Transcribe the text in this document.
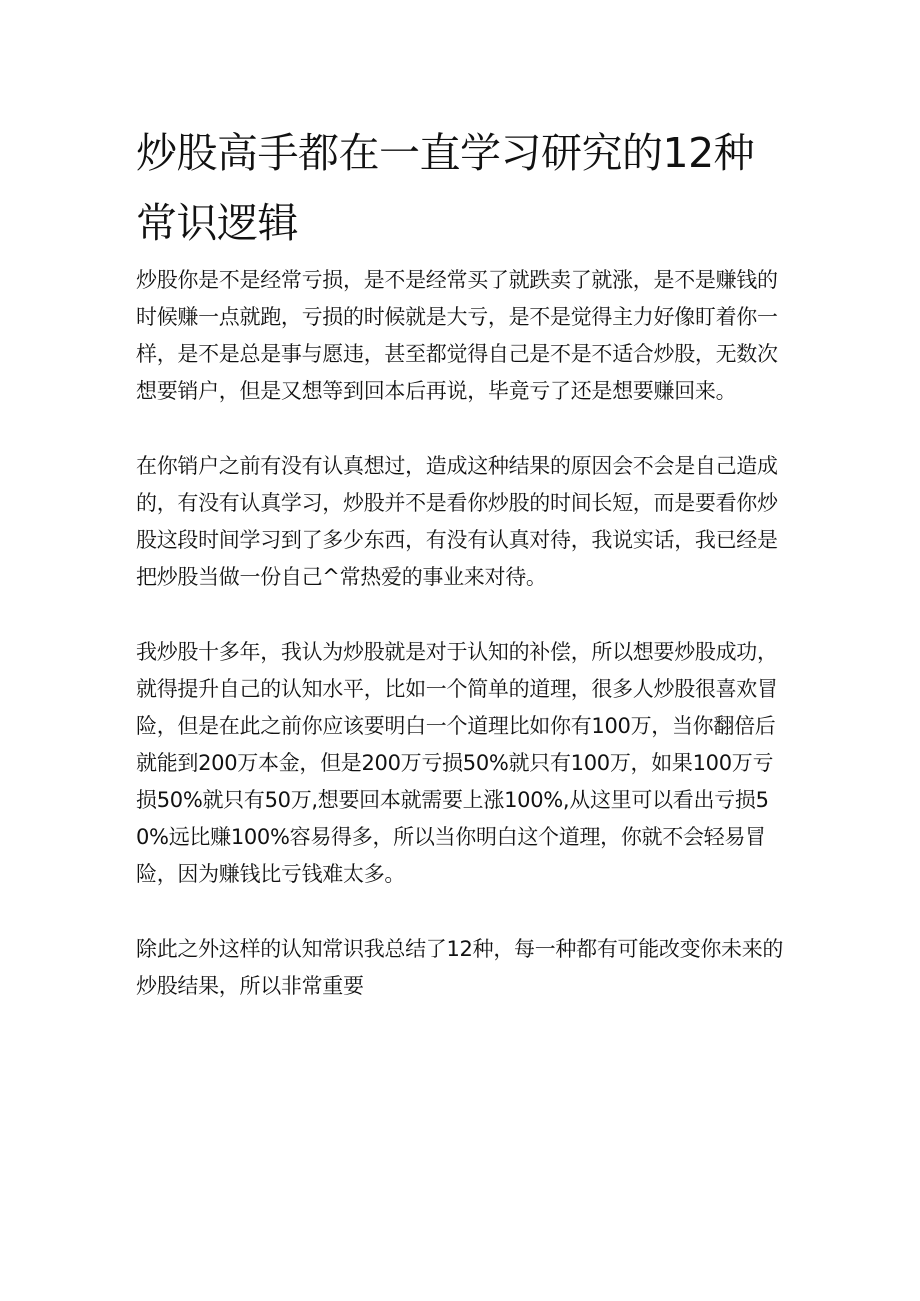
炒股高手都在一直学习研究的12种常识逻辑

炒股你是不是经常亏损，是不是经常买了就跌卖了就涨，是不是赚钱的时候赚一点就跑，亏损的时候就是大亏，是不是觉得主力好像盯着你一样，是不是总是事与愿违，甚至都觉得自己是不是不适合炒股，无数次想要销户，但是又想等到回本后再说，毕竟亏了还是想要赚回来。

在你销户之前有没有认真想过，造成这种结果的原因会不会是自己造成的，有没有认真学习，炒股并不是看你炒股的时间长短，而是要看你炒股这段时间学习到了多少东西，有没有认真对待，我说实话，我已经是把炒股当做一份自己^常热爱的事业来对待。

我炒股十多年，我认为炒股就是对于认知的补偿，所以想要炒股成功，就得提升自己的认知水平，比如一个简单的道理，很多人炒股很喜欢冒险，但是在此之前你应该要明白一个道理比如你有100万，当你翻倍后就能到200万本金，但是200万亏损50%就只有100万，如果100万亏损50%就只有50万,想要回本就需要上涨100%,从这里可以看出亏损50%远比赚100%容易得多，所以当你明白这个道理，你就不会轻易冒险，因为赚钱比亏钱难太多。

除此之外这样的认知常识我总结了12种，每一种都有可能改变你未来的炒股结果，所以非常重要
